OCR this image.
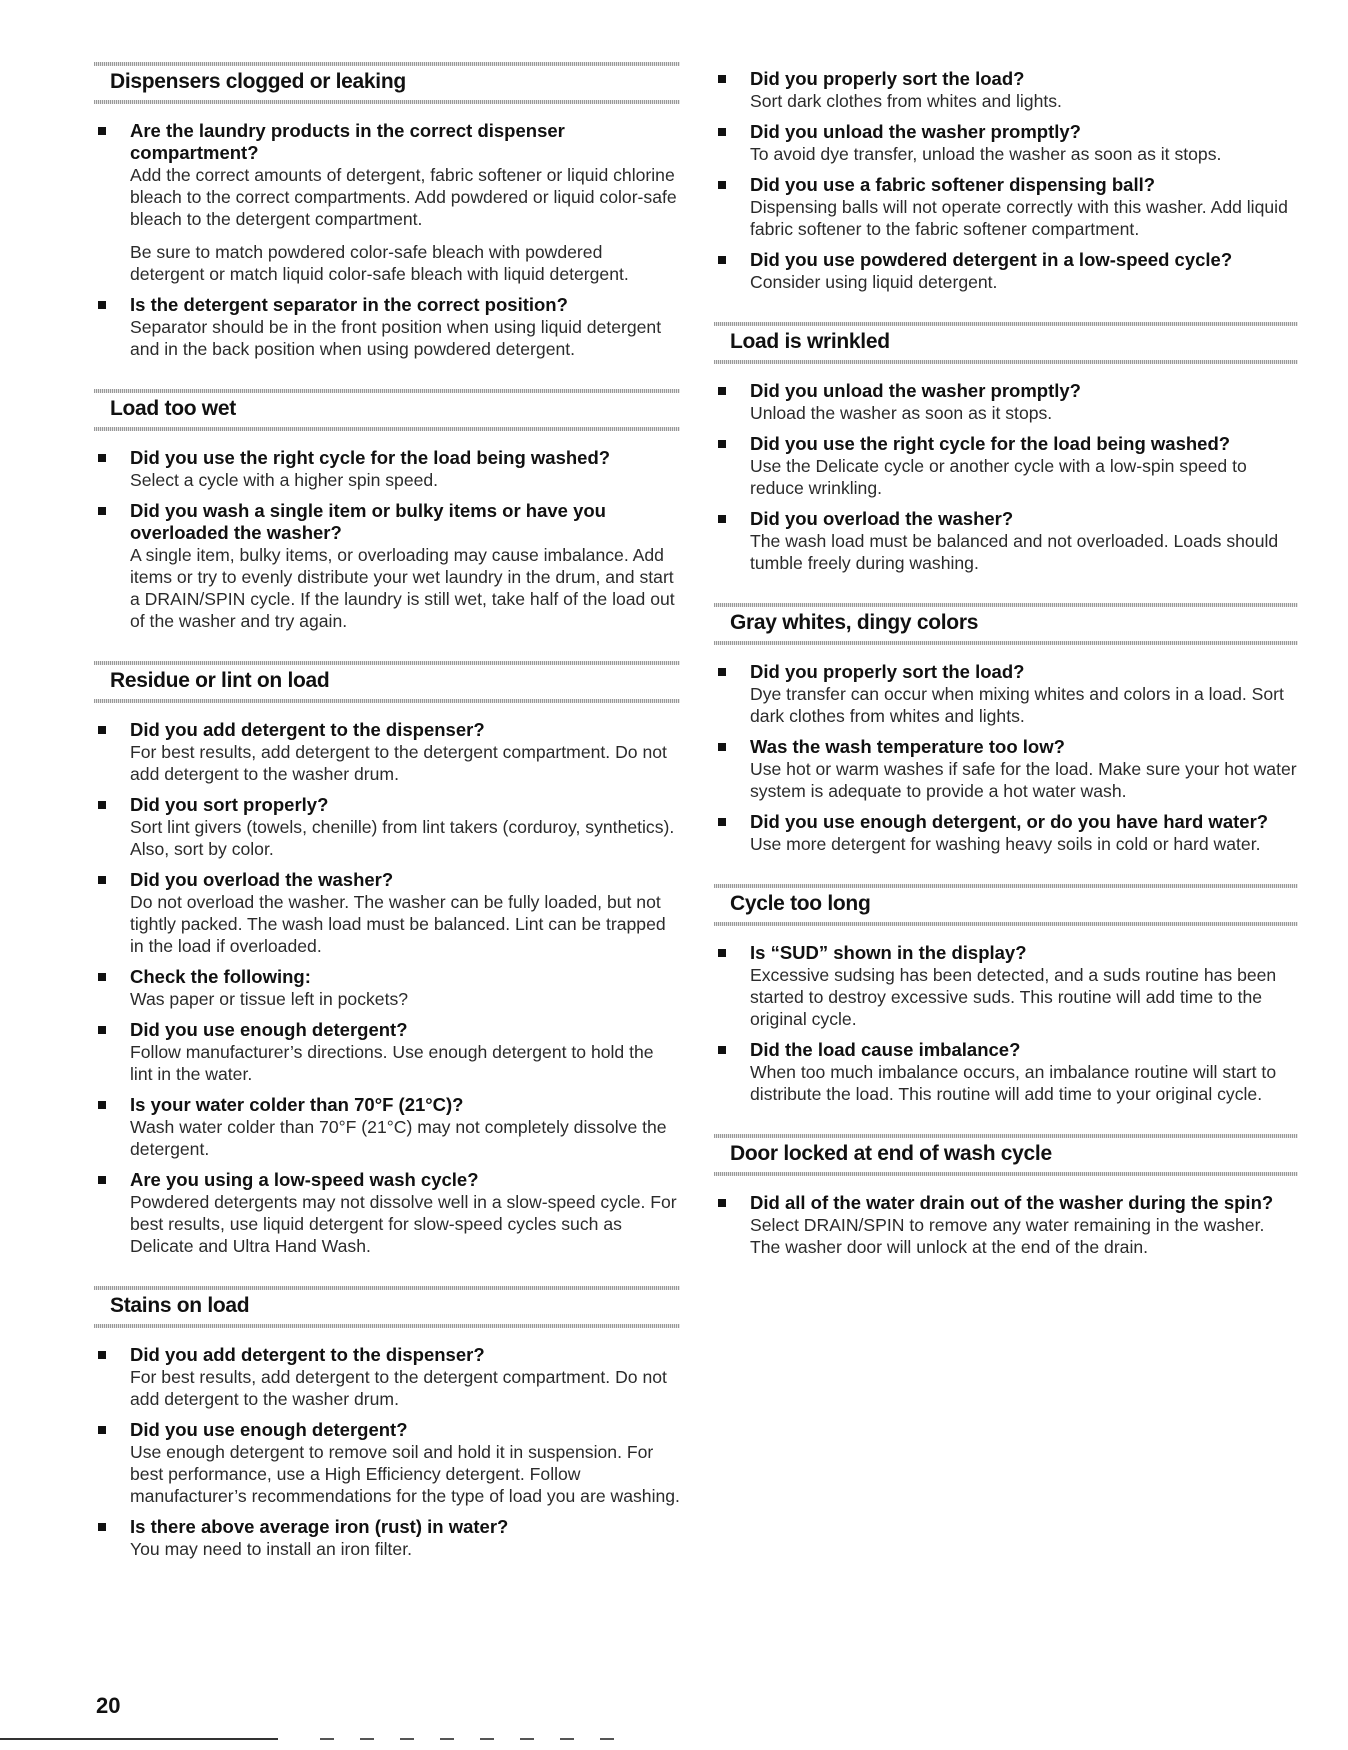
Dispensers clogged or leaking
Are the laundry products in the correct dispenser compartment?
Add the correct amounts of detergent, fabric softener or liquid chlorine bleach to the correct compartments. Add powdered or liquid color-safe bleach to the detergent compartment.
Be sure to match powdered color-safe bleach with powdered detergent or match liquid color-safe bleach with liquid detergent.
Is the detergent separator in the correct position?
Separator should be in the front position when using liquid detergent and in the back position when using powdered detergent.
Load too wet
Did you use the right cycle for the load being washed?
Select a cycle with a higher spin speed.
Did you wash a single item or bulky items or have you overloaded the washer?
A single item, bulky items, or overloading may cause imbalance. Add items or try to evenly distribute your wet laundry in the drum, and start a DRAIN/SPIN cycle. If the laundry is still wet, take half of the load out of the washer and try again.
Residue or lint on load
Did you add detergent to the dispenser?
For best results, add detergent to the detergent compartment. Do not add detergent to the washer drum.
Did you sort properly?
Sort lint givers (towels, chenille) from lint takers (corduroy, synthetics). Also, sort by color.
Did you overload the washer?
Do not overload the washer. The washer can be fully loaded, but not tightly packed. The wash load must be balanced. Lint can be trapped in the load if overloaded.
Check the following:
Was paper or tissue left in pockets?
Did you use enough detergent?
Follow manufacturer’s directions. Use enough detergent to hold the lint in the water.
Is your water colder than 70°F (21°C)?
Wash water colder than 70°F (21°C) may not completely dissolve the detergent.
Are you using a low-speed wash cycle?
Powdered detergents may not dissolve well in a slow-speed cycle. For best results, use liquid detergent for slow-speed cycles such as Delicate and Ultra Hand Wash.
Stains on load
Did you add detergent to the dispenser?
For best results, add detergent to the detergent compartment. Do not add detergent to the washer drum.
Did you use enough detergent?
Use enough detergent to remove soil and hold it in suspension. For best performance, use a High Efficiency detergent. Follow manufacturer’s recommendations for the type of load you are washing.
Is there above average iron (rust) in water?
You may need to install an iron filter.
Did you properly sort the load?
Sort dark clothes from whites and lights.
Did you unload the washer promptly?
To avoid dye transfer, unload the washer as soon as it stops.
Did you use a fabric softener dispensing ball?
Dispensing balls will not operate correctly with this washer. Add liquid fabric softener to the fabric softener compartment.
Did you use powdered detergent in a low-speed cycle?
Consider using liquid detergent.
Load is wrinkled
Did you unload the washer promptly?
Unload the washer as soon as it stops.
Did you use the right cycle for the load being washed?
Use the Delicate cycle or another cycle with a low-spin speed to reduce wrinkling.
Did you overload the washer?
The wash load must be balanced and not overloaded. Loads should tumble freely during washing.
Gray whites, dingy colors
Did you properly sort the load?
Dye transfer can occur when mixing whites and colors in a load. Sort dark clothes from whites and lights.
Was the wash temperature too low?
Use hot or warm washes if safe for the load. Make sure your hot water system is adequate to provide a hot water wash.
Did you use enough detergent, or do you have hard water?
Use more detergent for washing heavy soils in cold or hard water.
Cycle too long
Is “SUD” shown in the display?
Excessive sudsing has been detected, and a suds routine has been started to destroy excessive suds. This routine will add time to the original cycle.
Did the load cause imbalance?
When too much imbalance occurs, an imbalance routine will start to distribute the load. This routine will add time to your original cycle.
Door locked at end of wash cycle
Did all of the water drain out of the washer during the spin?
Select DRAIN/SPIN to remove any water remaining in the washer. The washer door will unlock at the end of the drain.
20
